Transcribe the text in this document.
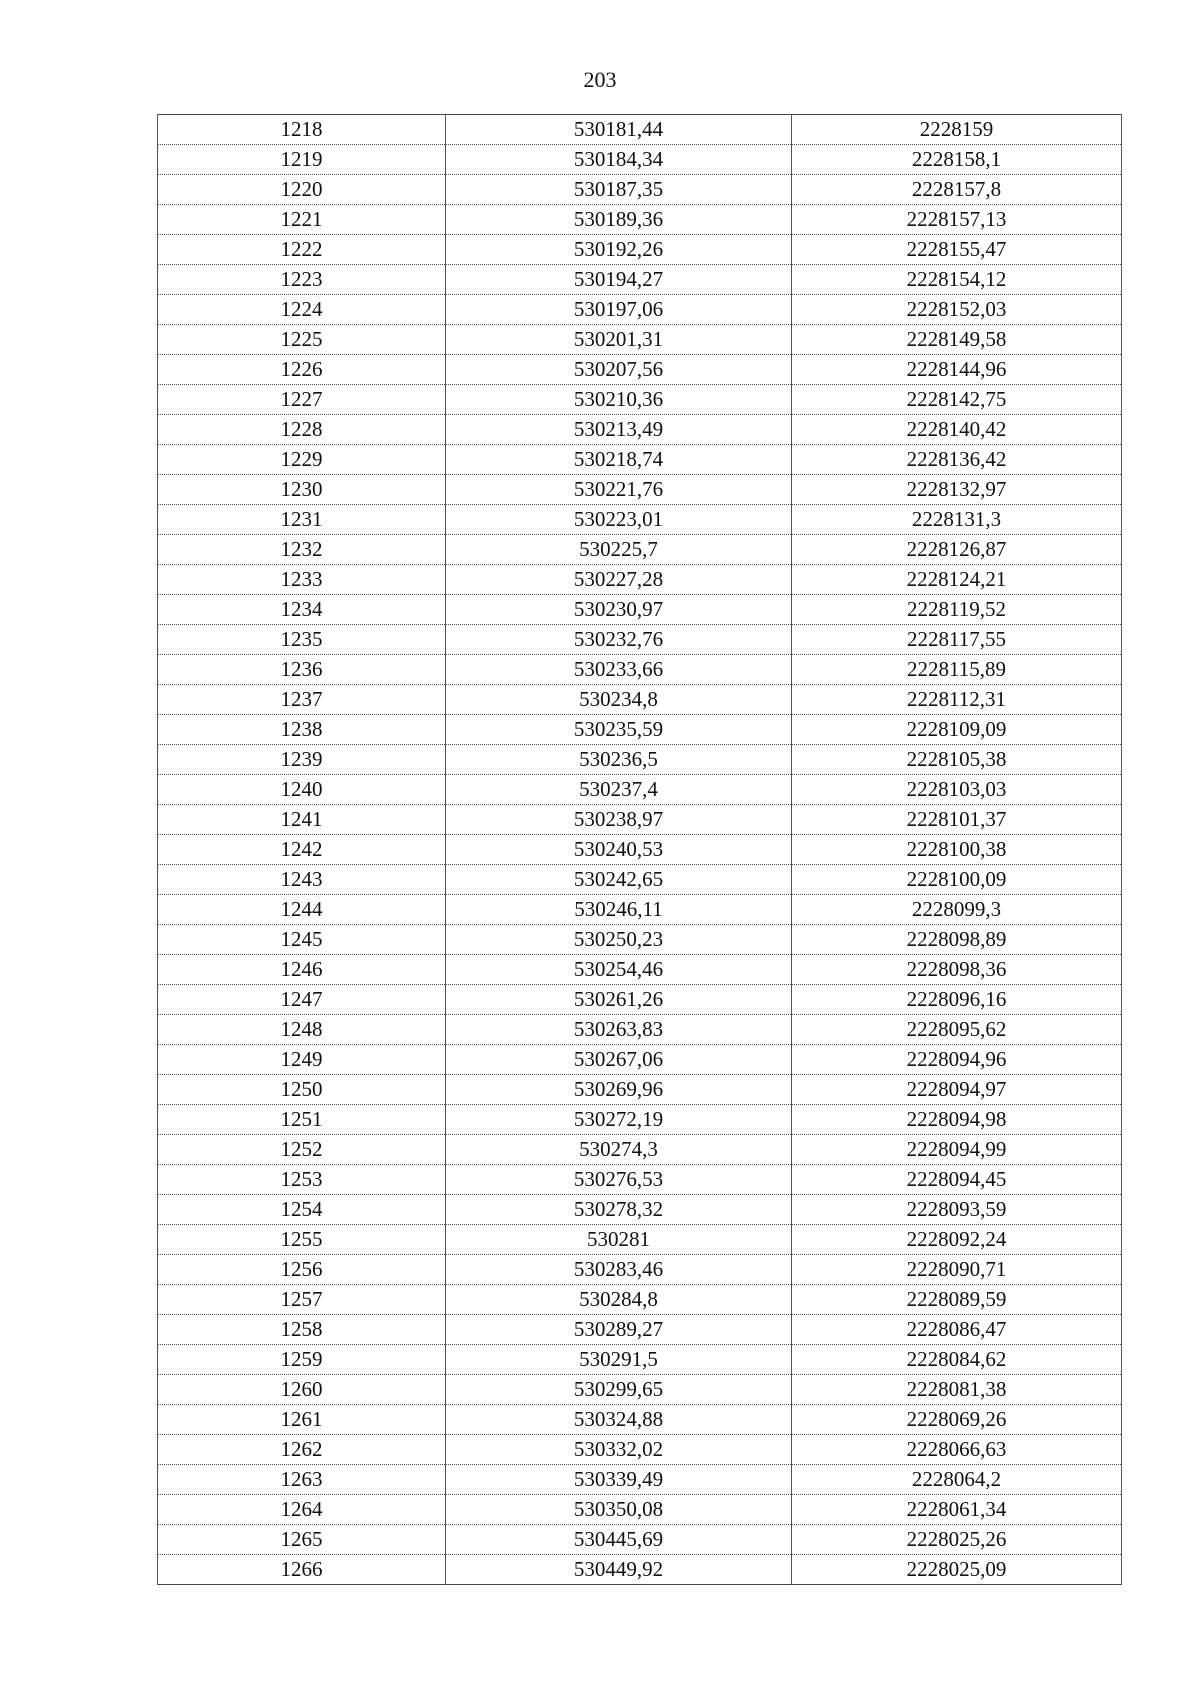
203
1218	530181,44	2228159
1219	530184,34	2228158,1
1220	530187,35	2228157,8
1221	530189,36	2228157,13
1222	530192,26	2228155,47
1223	530194,27	2228154,12
1224	530197,06	2228152,03
1225	530201,31	2228149,58
1226	530207,56	2228144,96
1227	530210,36	2228142,75
1228	530213,49	2228140,42
1229	530218,74	2228136,42
1230	530221,76	2228132,97
1231	530223,01	2228131,3
1232	530225,7	2228126,87
1233	530227,28	2228124,21
1234	530230,97	2228119,52
1235	530232,76	2228117,55
1236	530233,66	2228115,89
1237	530234,8	2228112,31
1238	530235,59	2228109,09
1239	530236,5	2228105,38
1240	530237,4	2228103,03
1241	530238,97	2228101,37
1242	530240,53	2228100,38
1243	530242,65	2228100,09
1244	530246,11	2228099,3
1245	530250,23	2228098,89
1246	530254,46	2228098,36
1247	530261,26	2228096,16
1248	530263,83	2228095,62
1249	530267,06	2228094,96
1250	530269,96	2228094,97
1251	530272,19	2228094,98
1252	530274,3	2228094,99
1253	530276,53	2228094,45
1254	530278,32	2228093,59
1255	530281	2228092,24
1256	530283,46	2228090,71
1257	530284,8	2228089,59
1258	530289,27	2228086,47
1259	530291,5	2228084,62
1260	530299,65	2228081,38
1261	530324,88	2228069,26
1262	530332,02	2228066,63
1263	530339,49	2228064,2
1264	530350,08	2228061,34
1265	530445,69	2228025,26
1266	530449,92	2228025,09
